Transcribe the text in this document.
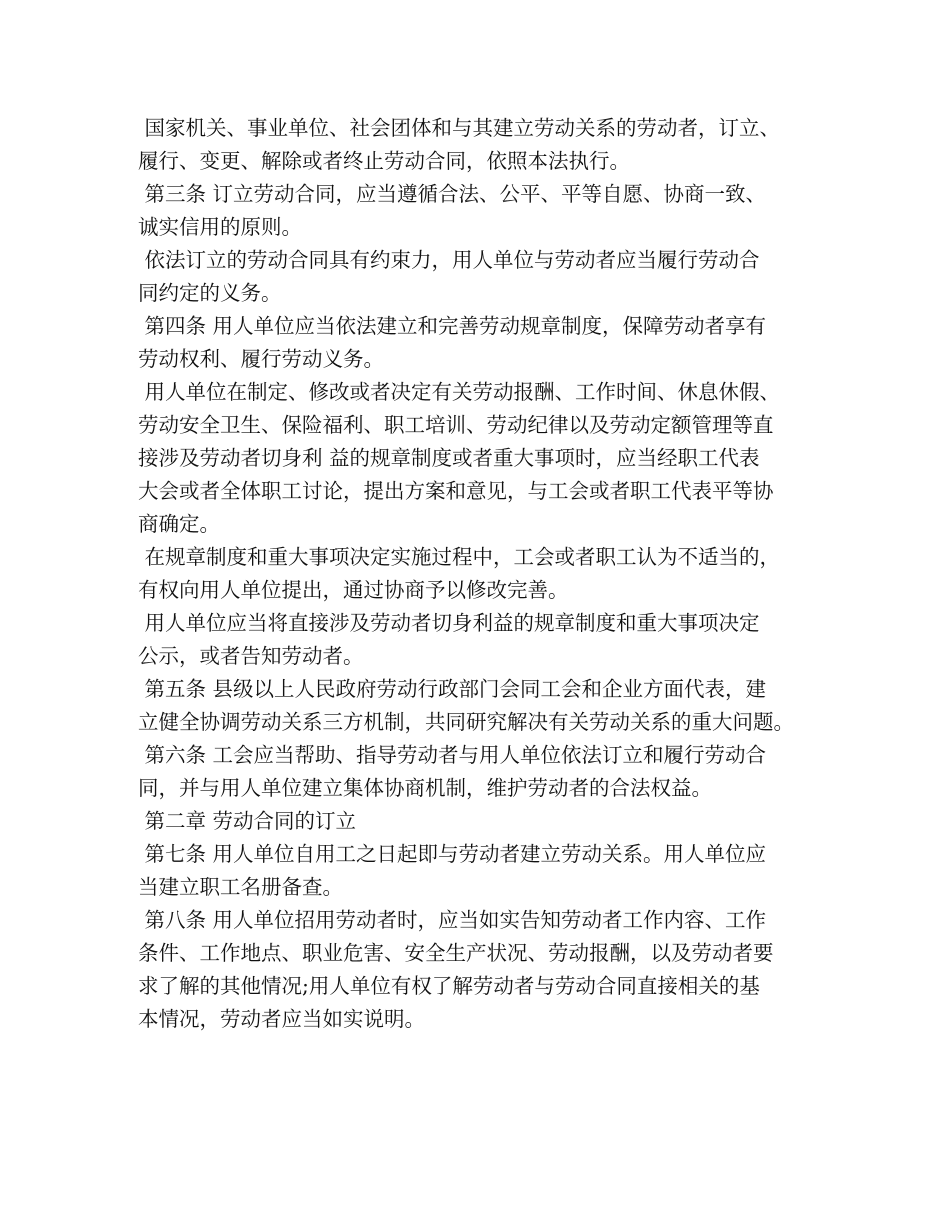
国家机关、事业单位、社会团体和与其建立劳动关系的劳动者，订立、
履行、变更、解除或者终止劳动合同，依照本法执行。
第三条 订立劳动合同，应当遵循合法、公平、平等自愿、协商一致、
诚实信用的原则。
依法订立的劳动合同具有约束力，用人单位与劳动者应当履行劳动合
同约定的义务。
第四条 用人单位应当依法建立和完善劳动规章制度，保障劳动者享有
劳动权利、履行劳动义务。
用人单位在制定、修改或者决定有关劳动报酬、工作时间、休息休假、
劳动安全卫生、保险福利、职工培训、劳动纪律以及劳动定额管理等直
接涉及劳动者切身利 益的规章制度或者重大事项时，应当经职工代表
大会或者全体职工讨论，提出方案和意见，与工会或者职工代表平等协
商确定。
在规章制度和重大事项决定实施过程中，工会或者职工认为不适当的，
有权向用人单位提出，通过协商予以修改完善。
用人单位应当将直接涉及劳动者切身利益的规章制度和重大事项决定
公示，或者告知劳动者。
第五条 县级以上人民政府劳动行政部门会同工会和企业方面代表，建
立健全协调劳动关系三方机制，共同研究解决有关劳动关系的重大问题。
第六条 工会应当帮助、指导劳动者与用人单位依法订立和履行劳动合
同，并与用人单位建立集体协商机制，维护劳动者的合法权益。
第二章 劳动合同的订立
第七条 用人单位自用工之日起即与劳动者建立劳动关系。用人单位应
当建立职工名册备查。
第八条 用人单位招用劳动者时，应当如实告知劳动者工作内容、工作
条件、工作地点、职业危害、安全生产状况、劳动报酬，以及劳动者要
求了解的其他情况;用人单位有权了解劳动者与劳动合同直接相关的基
本情况，劳动者应当如实说明。
